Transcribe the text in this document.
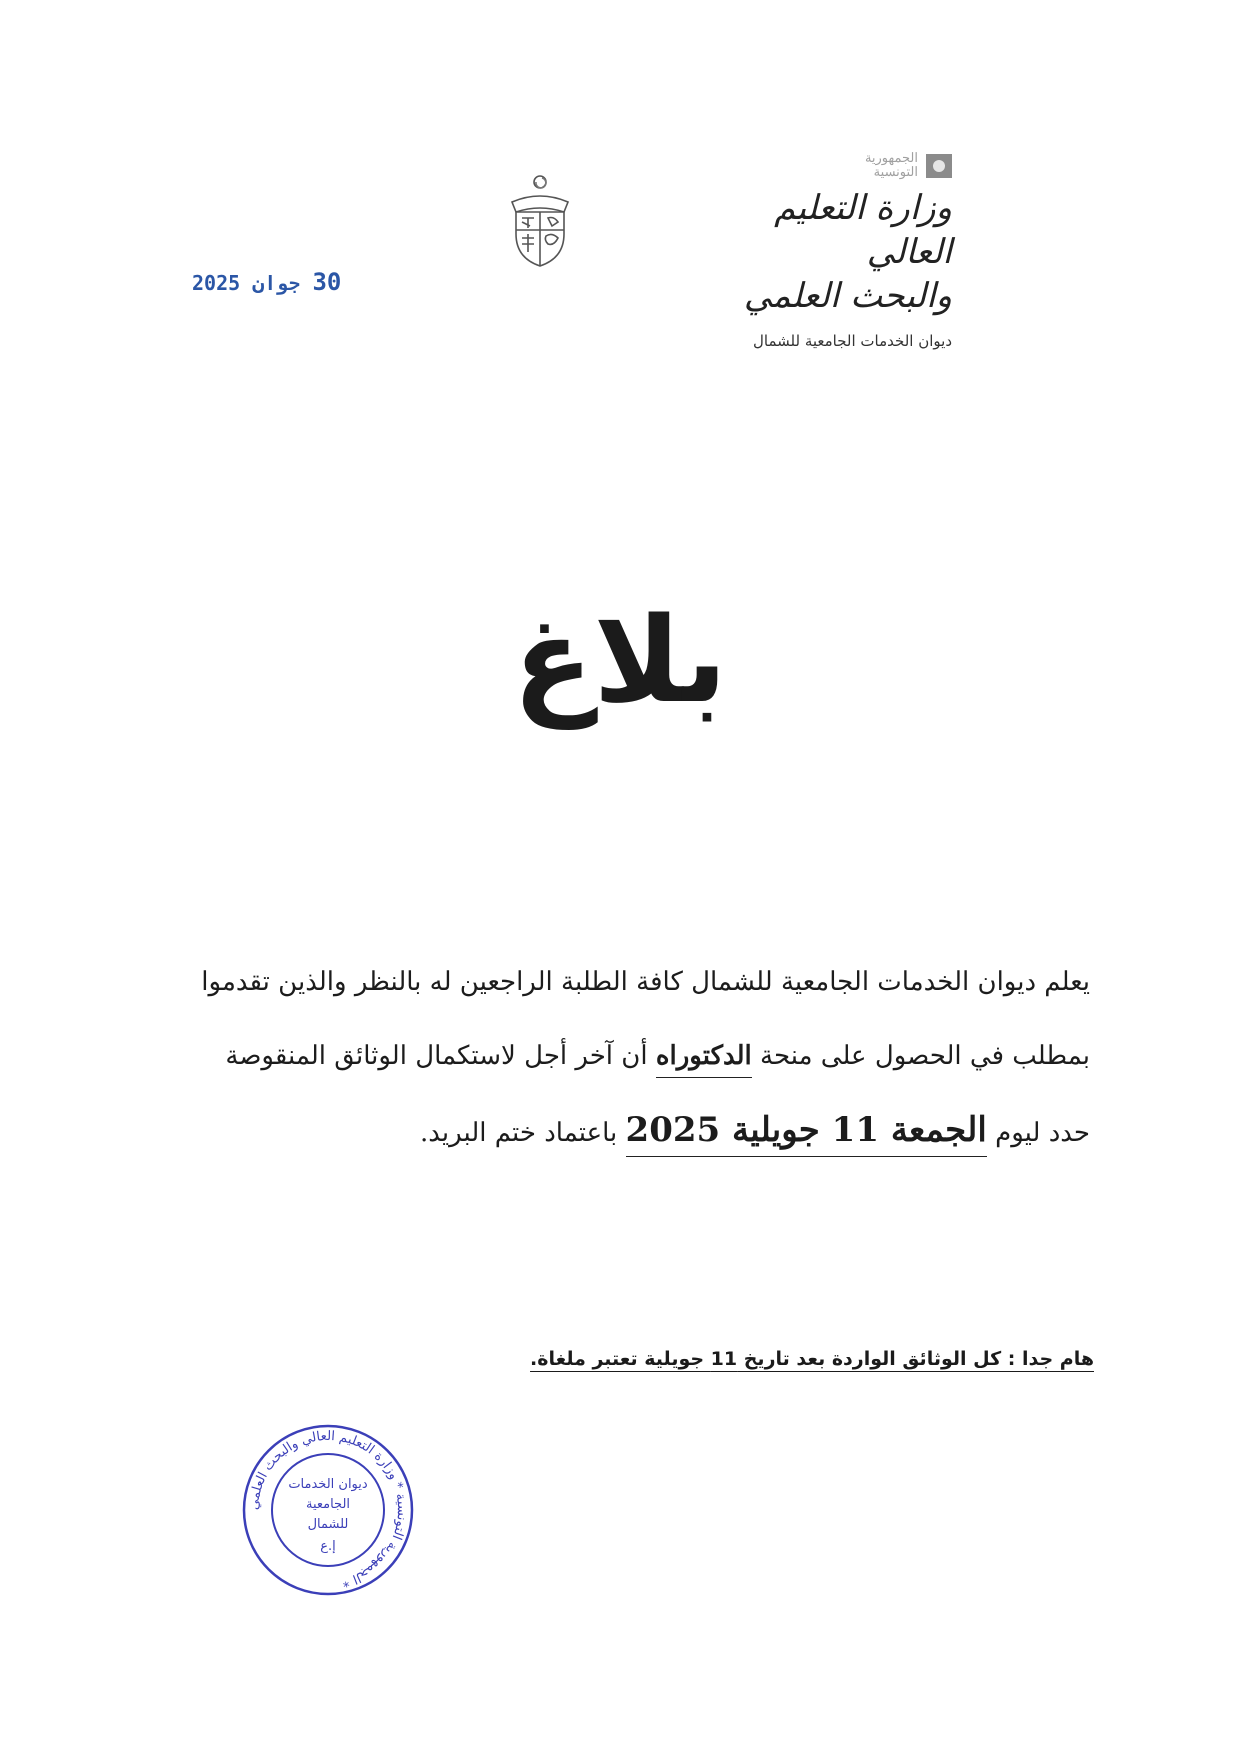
الجمهورية
التونسية
وزارة التعليم العالي
والبحث العلمي
ديوان الخدمات الجامعية للشمال
30 جوان 2025
بلاغ
يعلم ديوان الخدمات الجامعية للشمال كافة الطلبة الراجعين له بالنظر والذين تقدموا
بمطلب في الحصول على منحة الدكتوراه أن آخر أجل لاستكمال الوثائق المنقوصة
حدد ليوم الجمعة 11 جويلية 2025 باعتماد ختم البريد.
هام جدا : كل الوثائق الواردة بعد تاريخ 11 جويلية تعتبر ملغاة.
الجمهورية التونسية * وزارة التعليم العالي والبحث العلمي *
ديوان الخدمات
الجامعية
للشمال
إ.ع
